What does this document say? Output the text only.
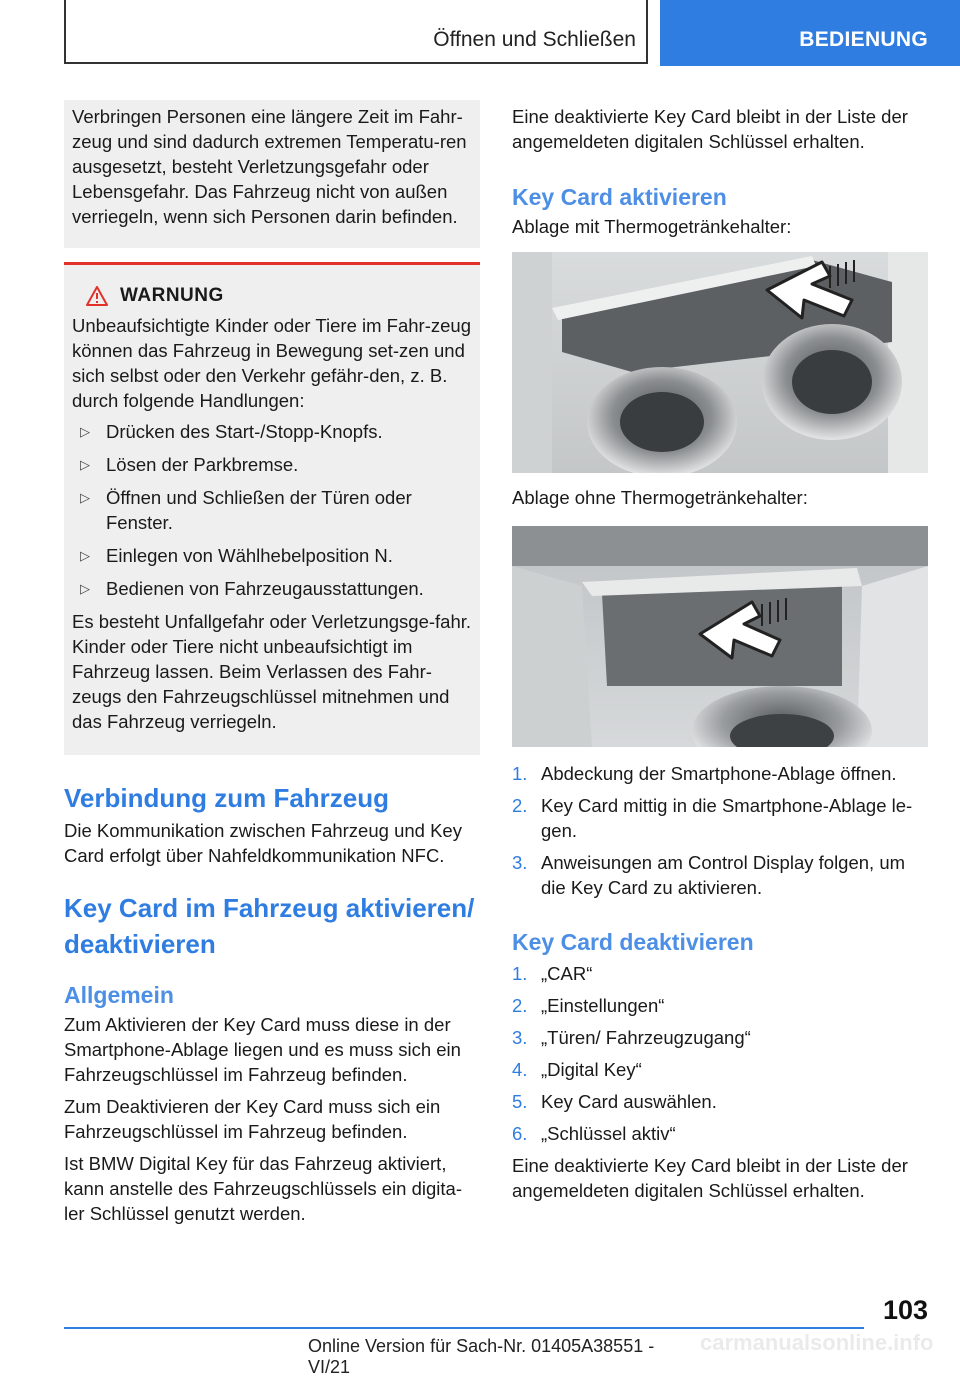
Öffnen und Schließen	BEDIENUNG

Verbringen Personen eine längere Zeit im Fahr-zeug und sind dadurch extremen Temperatu-ren ausgesetzt, besteht Verletzungsgefahr oder Lebensgefahr. Das Fahrzeug nicht von außen verriegeln, wenn sich Personen darin befinden.

WARNUNG

Unbeaufsichtigte Kinder oder Tiere im Fahr-zeug können das Fahrzeug in Bewegung set-zen und sich selbst oder den Verkehr gefähr-den, z. B. durch folgende Handlungen:

▷ Drücken des Start-/Stopp-Knopfs.
▷ Lösen der Parkbremse.
▷ Öffnen und Schließen der Türen oder Fenster.
▷ Einlegen von Wählhebelposition N.
▷ Bedienen von Fahrzeugausstattungen.

Es besteht Unfallgefahr oder Verletzungsge-fahr. Kinder oder Tiere nicht unbeaufsichtigt im Fahrzeug lassen. Beim Verlassen des Fahr-zeugs den Fahrzeugschlüssel mitnehmen und das Fahrzeug verriegeln.

Verbindung zum Fahrzeug

Die Kommunikation zwischen Fahrzeug und Key Card erfolgt über Nahfeldkommunikation NFC.

Key Card im Fahrzeug aktivieren/ deaktivieren
Allgemein

Zum Aktivieren der Key Card muss diese in der Smartphone-Ablage liegen und es muss sich ein Fahrzeugschlüssel im Fahrzeug befinden.

Zum Deaktivieren der Key Card muss sich ein Fahrzeugschlüssel im Fahrzeug befinden.

Ist BMW Digital Key für das Fahrzeug aktiviert, kann anstelle des Fahrzeugschlüssels ein digita-ler Schlüssel genutzt werden.

Eine deaktivierte Key Card bleibt in der Liste der angemeldeten digitalen Schlüssel erhalten.

Key Card aktivieren

Ablage mit Thermogetränkehalter:

Ablage ohne Thermogetränkehalter:

1. Abdeckung der Smartphone-Ablage öffnen.
2. Key Card mittig in die Smartphone-Ablage le-gen.
3. Anweisungen am Control Display folgen, um die Key Card zu aktivieren.
Key Card deaktivieren
1. „CAR“
2. „Einstellungen“
3. „Türen/ Fahrzeugzugang“
4. „Digital Key“
5. Key Card auswählen.
6. „Schlüssel aktiv“

Eine deaktivierte Key Card bleibt in der Liste der angemeldeten digitalen Schlüssel erhalten.

103
Online Version für Sach-Nr. 01405A38551 - VI/21
carmanualsonline.info
